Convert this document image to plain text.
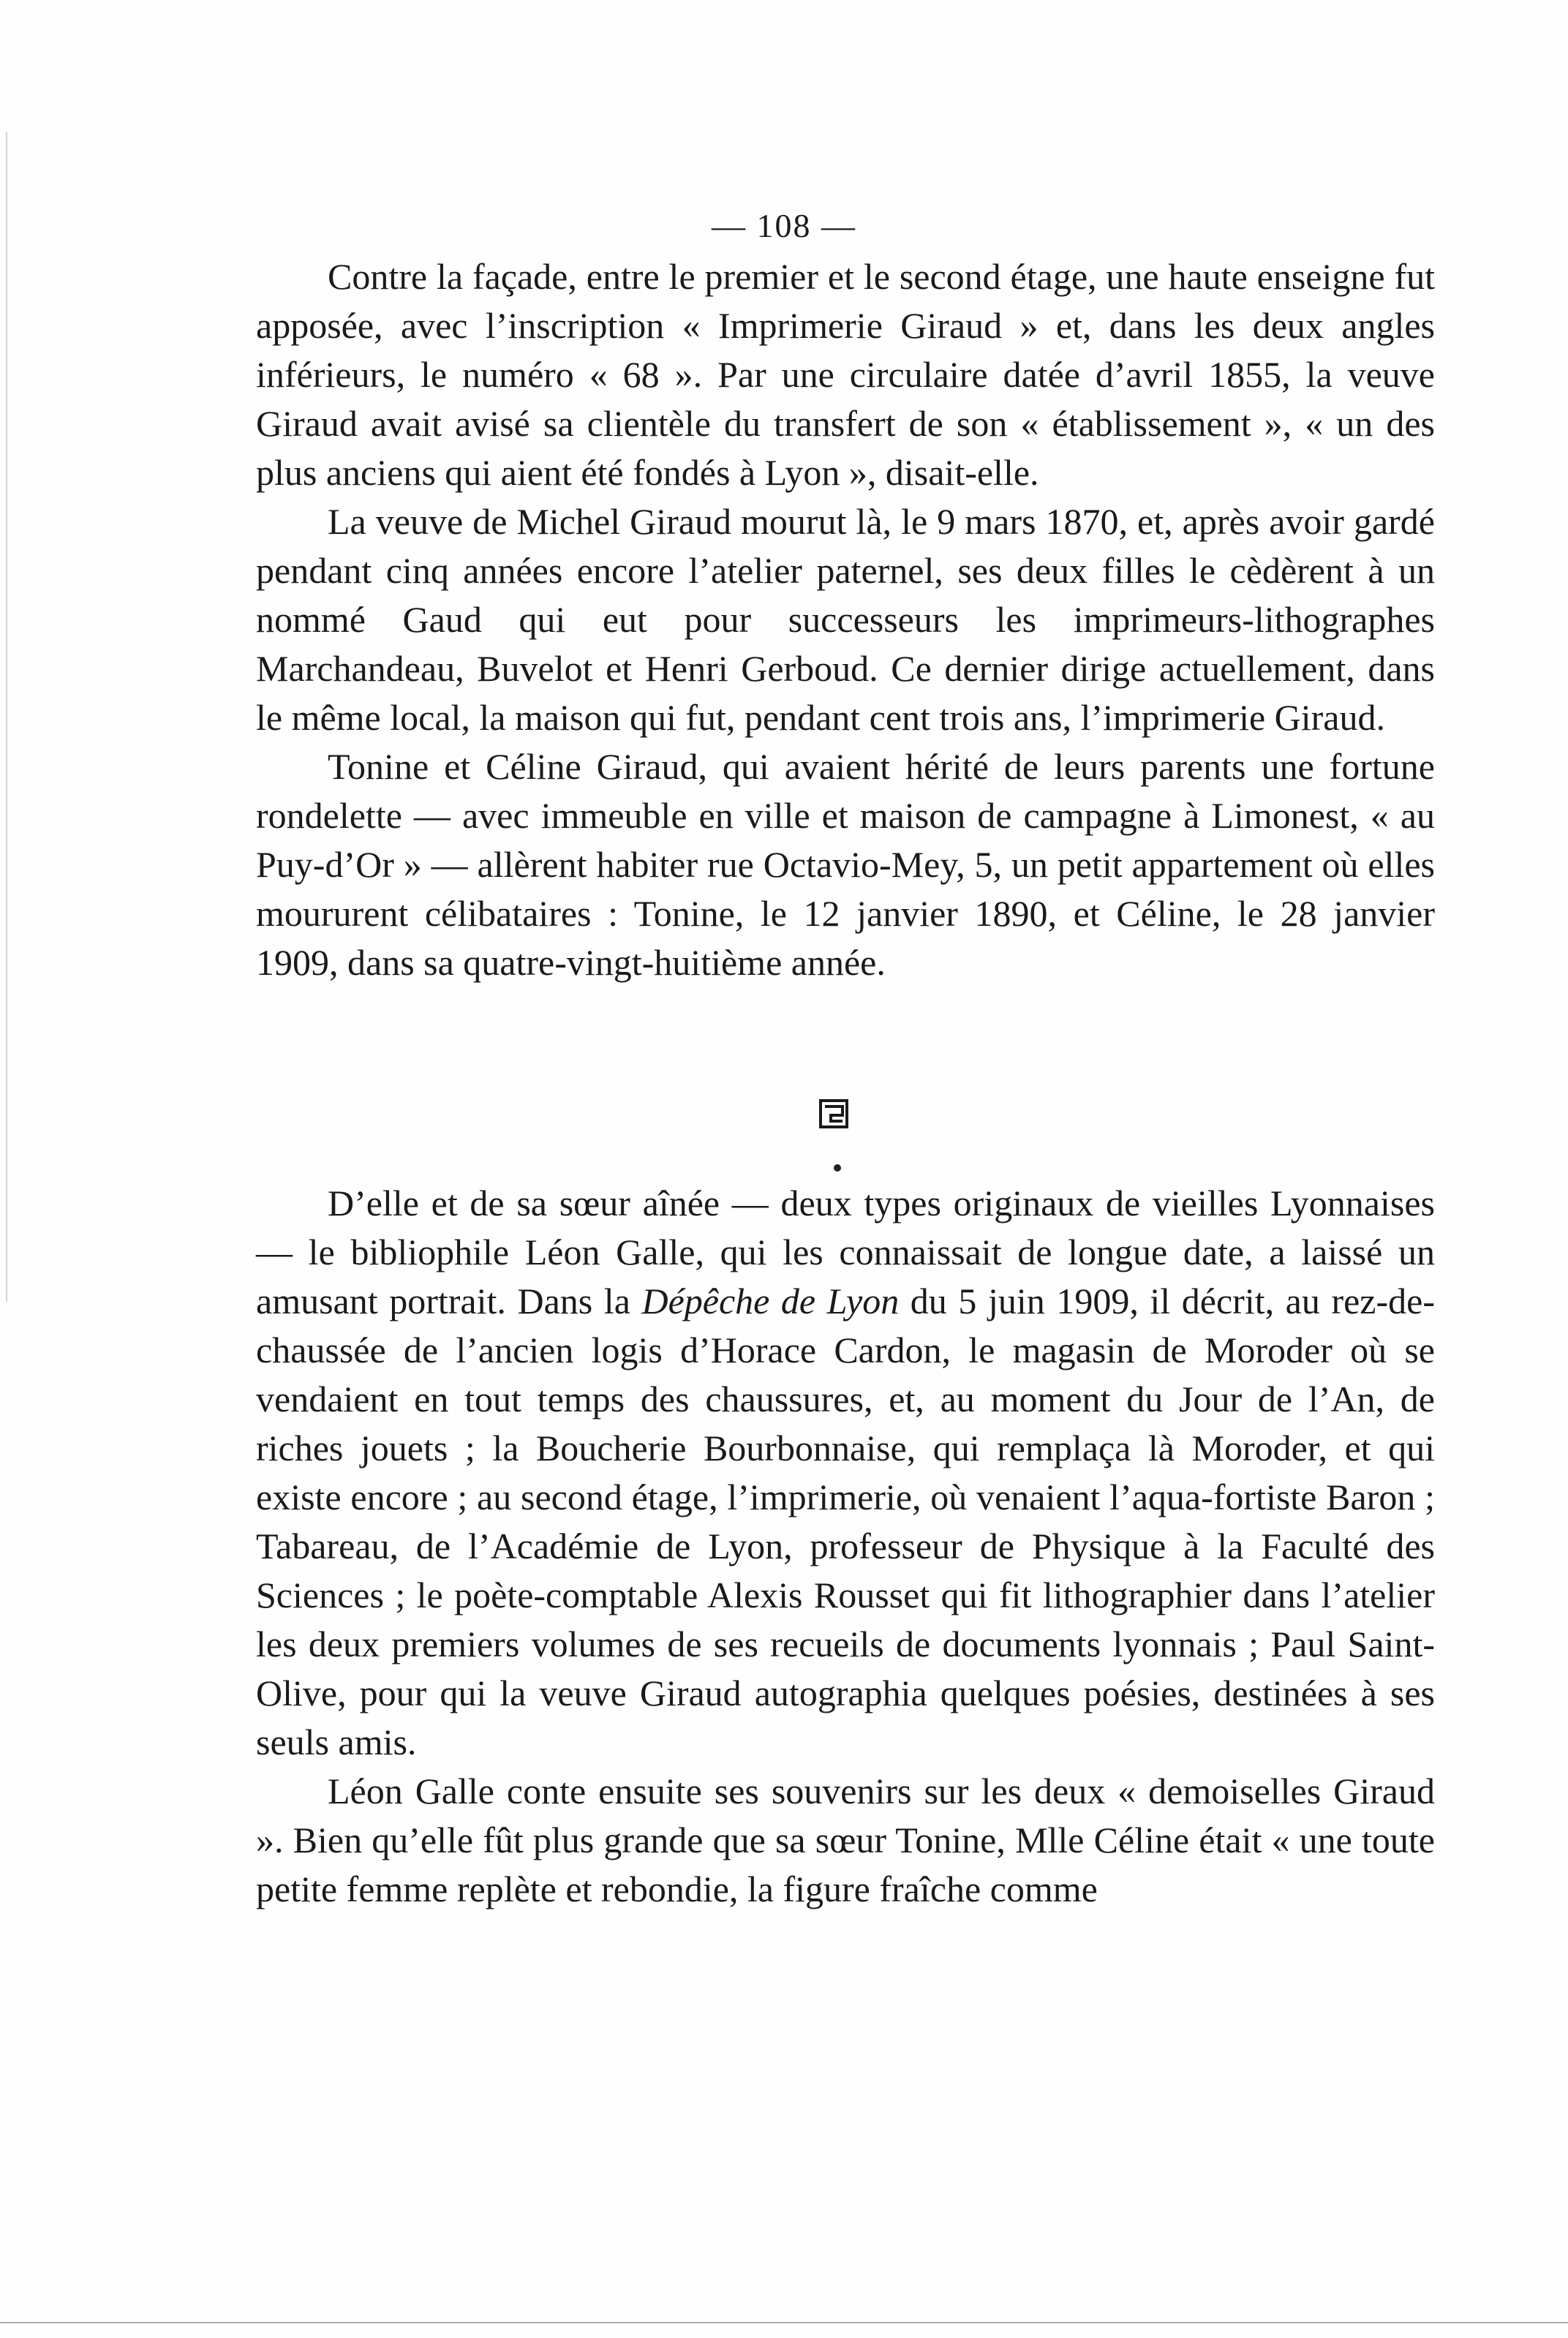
— 108 —

Contre la façade, entre le premier et le second étage, une haute enseigne fut apposée, avec l’inscription « Imprimerie Giraud » et, dans les deux angles inférieurs, le numéro « 68 ». Par une circulaire datée d’avril 1855, la veuve Giraud avait avisé sa clientèle du transfert de son « établissement », « un des plus anciens qui aient été fondés à Lyon », disait-elle.

La veuve de Michel Giraud mourut là, le 9 mars 1870, et, après avoir gardé pendant cinq années encore l’atelier paternel, ses deux filles le cèdèrent à un nommé Gaud qui eut pour successeurs les imprimeurs-lithographes Marchandeau, Buvelot et Henri Gerboud. Ce dernier dirige actuellement, dans le même local, la maison qui fut, pendant cent trois ans, l’imprimerie Giraud.

Tonine et Céline Giraud, qui avaient hérité de leurs parents une fortune rondelette — avec immeuble en ville et maison de campagne à Limonest, « au Puy-d’Or » — allèrent habiter rue Octavio-Mey, 5, un petit appartement où elles moururent célibataires : Tonine, le 12 janvier 1890, et Céline, le 28 janvier 1909, dans sa quatre-vingt-huitième année.

D’elle et de sa sœur aînée — deux types originaux de vieilles Lyonnaises — le bibliophile Léon Galle, qui les connaissait de longue date, a laissé un amusant portrait. Dans la Dépêche de Lyon du 5 juin 1909, il décrit, au rez-de-chaussée de l’ancien logis d’Horace Cardon, le magasin de Moroder où se vendaient en tout temps des chaussures, et, au moment du Jour de l’An, de riches jouets ; la Boucherie Bourbonnaise, qui remplaça là Moroder, et qui existe encore ; au second étage, l’imprimerie, où venaient l’aqua-fortiste Baron ; Tabareau, de l’Académie de Lyon, professeur de Physique à la Faculté des Sciences ; le poète-comptable Alexis Rousset qui fit lithographier dans l’atelier les deux premiers volumes de ses recueils de documents lyonnais ; Paul Saint-Olive, pour qui la veuve Giraud autographia quelques poésies, destinées à ses seuls amis.

Léon Galle conte ensuite ses souvenirs sur les deux « demoiselles Giraud ». Bien qu’elle fût plus grande que sa sœur Tonine, Mlle Céline était « une toute petite femme replète et rebondie, la figure fraîche comme
